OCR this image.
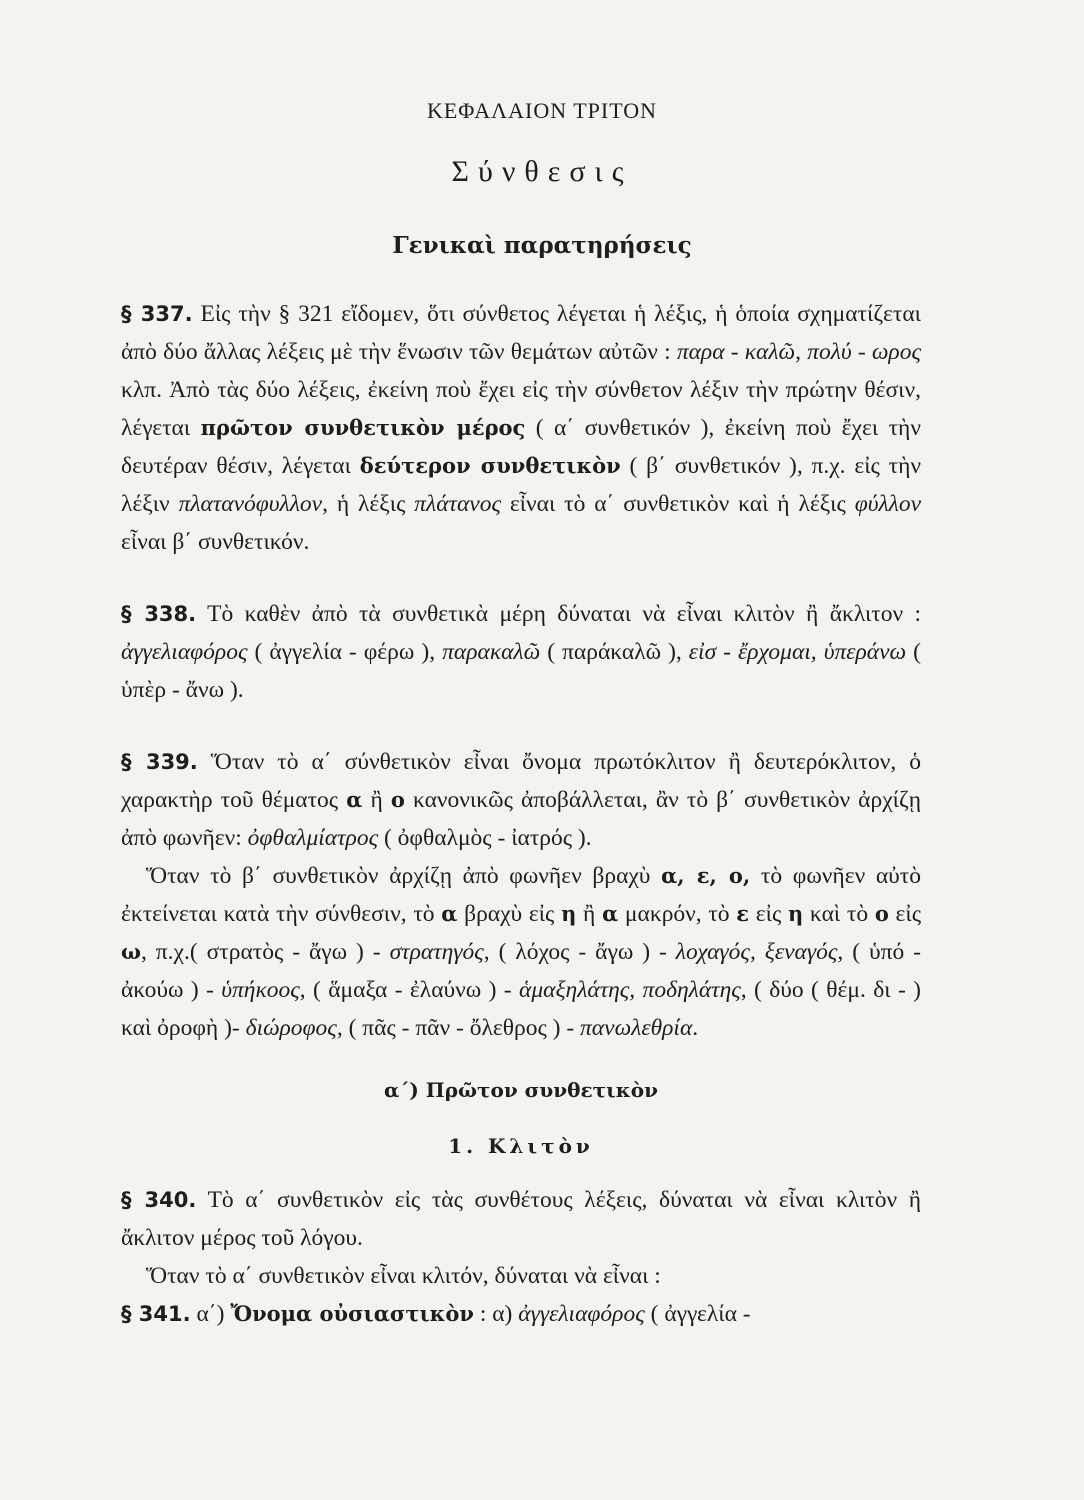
ΚΕΦΑΛΑΙΟΝ ΤΡΙΤΟΝ
Σύνθεσις
Γενικαὶ παρατηρήσεις

§ 337. Εἰς τὴν § 321 εἴδομεν, ὅτι σύνθετος λέγεται ἡ λέξις, ἡ ὁποία σχηματίζεται ἀπὸ δύο ἄλλας λέξεις μὲ τὴν ἕνωσιν τῶν θεμάτων αὐτῶν : παρα - καλῶ, πολύ - ωρος κλπ. Ἀπὸ τὰς δύο λέξεις, ἐκείνη ποὺ ἔχει εἰς τὴν σύνθετον λέξιν τὴν πρώτην θέσιν, λέγεται πρῶτον συνθετικὸν μέρος ( α΄ συνθετικόν ), ἐκείνη ποὺ ἔχει τὴν δευτέραν θέσιν, λέγεται δεύτερον συνθετικὸν ( β΄ συνθετικόν ), π.χ. εἰς τὴν λέξιν πλατανόφυλλον, ἡ λέξις πλάτανος εἶναι τὸ α΄ συνθετικὸν καὶ ἡ λέξις φύλλον εἶναι β΄ συνθετικόν.

§ 338. Τὸ καθὲν ἀπὸ τὰ συνθετικὰ μέρη δύναται νὰ εἶναι κλιτὸν ἢ ἄκλιτον : ἀγγελιαφόρος ( ἀγγελία - φέρω ), παρακαλῶ ( παράκαλῶ ), εἰσ - ἔρχομαι, ὑπεράνω ( ὑπὲρ - ἄνω ).

§ 339. Ὅταν τὸ α΄ σύνθετικὸν εἶναι ὄνομα πρωτόκλιτον ἢ δευτερόκλιτον, ὁ χαρακτὴρ τοῦ θέματος α ἢ ο κανονικῶς ἀποβάλλεται, ἂν τὸ β΄ συνθετικὸν ἀρχίζῃ ἀπὸ φωνῆεν: ὀφθαλμίατρος ( ὀφθαλμὸς - ἰατρός ).

Ὅταν τὸ β΄ συνθετικὸν ἀρχίζῃ ἀπὸ φωνῆεν βραχὺ α, ε, ο, τὸ φωνῆεν αὐτὸ ἐκτείνεται κατὰ τὴν σύνθεσιν, τὸ α βραχὺ εἰς η ἢ α μακρόν, τὸ ε εἰς η καὶ τὸ ο εἰς ω, π.χ.( στρατὸς - ἄγω ) - στρατηγός, ( λόχος - ἄγω ) - λοχαγός, ξεναγός, ( ὑπό - ἀκούω ) - ὑπήκοος, ( ἅμαξα - ἐλαύνω ) - ἁμαξηλάτης, ποδηλάτης, ( δύο ( θέμ. δι - ) καὶ ὀροφὴ )- διώροφος, ( πᾶς - πᾶν - ὄλεθρος ) - πανωλεθρία.

α΄) Πρῶτον συνθετικὸν

1. Κλιτὸν

§ 340. Τὸ α΄ συνθετικὸν εἰς τὰς συνθέτους λέξεις, δύναται νὰ εἶναι κλιτὸν ἢ ἄκλιτον μέρος τοῦ λόγου.

Ὅταν τὸ α΄ συνθετικὸν εἶναι κλιτόν, δύναται νὰ εἶναι :

§ 341. α΄) Ὄνομα οὐσιαστικὸν : α) ἀγγελιαφόρος ( ἀγγελία -
